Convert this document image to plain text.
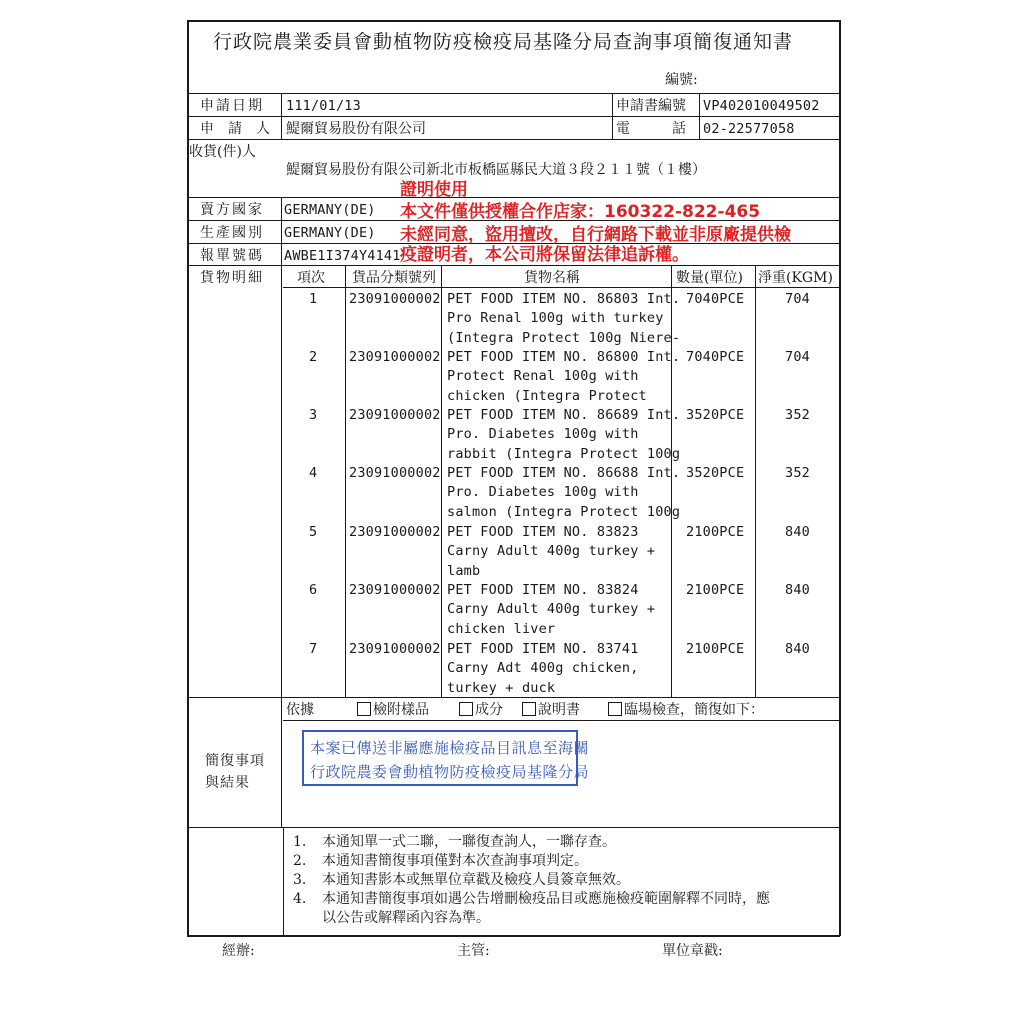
行政院農業委員會動植物防疫檢疫局基隆分局查詢事項簡復通知書
編號:
申請日期 111/01/13	申請書編號 VP402010049502
申　請　人 鯷爾貿易股份有限公司	電　　　話 02-22577058
收貨(件)人
鯷爾貿易股份有限公司新北市板橋區縣民大道３段２１１號（１樓）
賣方國家 GERMANY(DE)
生產國別 GERMANY(DE)
報單號碼 AWBE1I374Y4141
貨物明細 項次 貨品分類號列	貨物名稱	數量(單位) 淨重(KGM)
1 23091000002 PET FOOD ITEM NO. 86803 Int.
Pro Renal 100g with turkey
(Integra Protect 100g Niere-
7040PCE	704
2 23091000002 PET FOOD ITEM NO. 86800 Int.
Protect Renal 100g with
chicken (Integra Protect
7040PCE	704
3 23091000002 PET FOOD ITEM NO. 86689 Int.
Pro. Diabetes 100g with
rabbit (Integra Protect 100g
3520PCE	352
4 23091000002 PET FOOD ITEM NO. 86688 Int.
Pro. Diabetes 100g with
salmon (Integra Protect 100g
3520PCE	352
5 23091000002 PET FOOD ITEM NO. 83823
Carny Adult 400g turkey +
lamb
2100PCE	840
6 23091000002 PET FOOD ITEM NO. 83824
Carny Adult 400g turkey +
chicken liver
2100PCE	840
7 23091000002 PET FOOD ITEM NO. 83741
Carny Adt 400g chicken,
turkey + duck
2100PCE	840
依據	檢附樣品	成分	說明書	臨場檢查，簡復如下：
簡復事項
與結果
本案已傳送非屬應施檢疫品目訊息至海關
行政院農委會動植物防疫檢疫局基隆分局
1. 本通知單一式二聯，一聯復查詢人，一聯存查。
2. 本通知書簡復事項僅對本次查詢事項判定。
3. 本通知書影本或無單位章戳及檢疫人員簽章無效。
4. 本通知書簡復事項如遇公告增刪檢疫品目或應施檢疫範圍解釋不同時，應
以公告或解釋函內容為準。
經辦:	主管:	單位章戳:
證明使用
本文件僅供授權合作店家：160322-822-465
未經同意，盜用擅改，自行網路下載並非原廠提供檢
疫證明者，本公司將保留法律追訴權。
